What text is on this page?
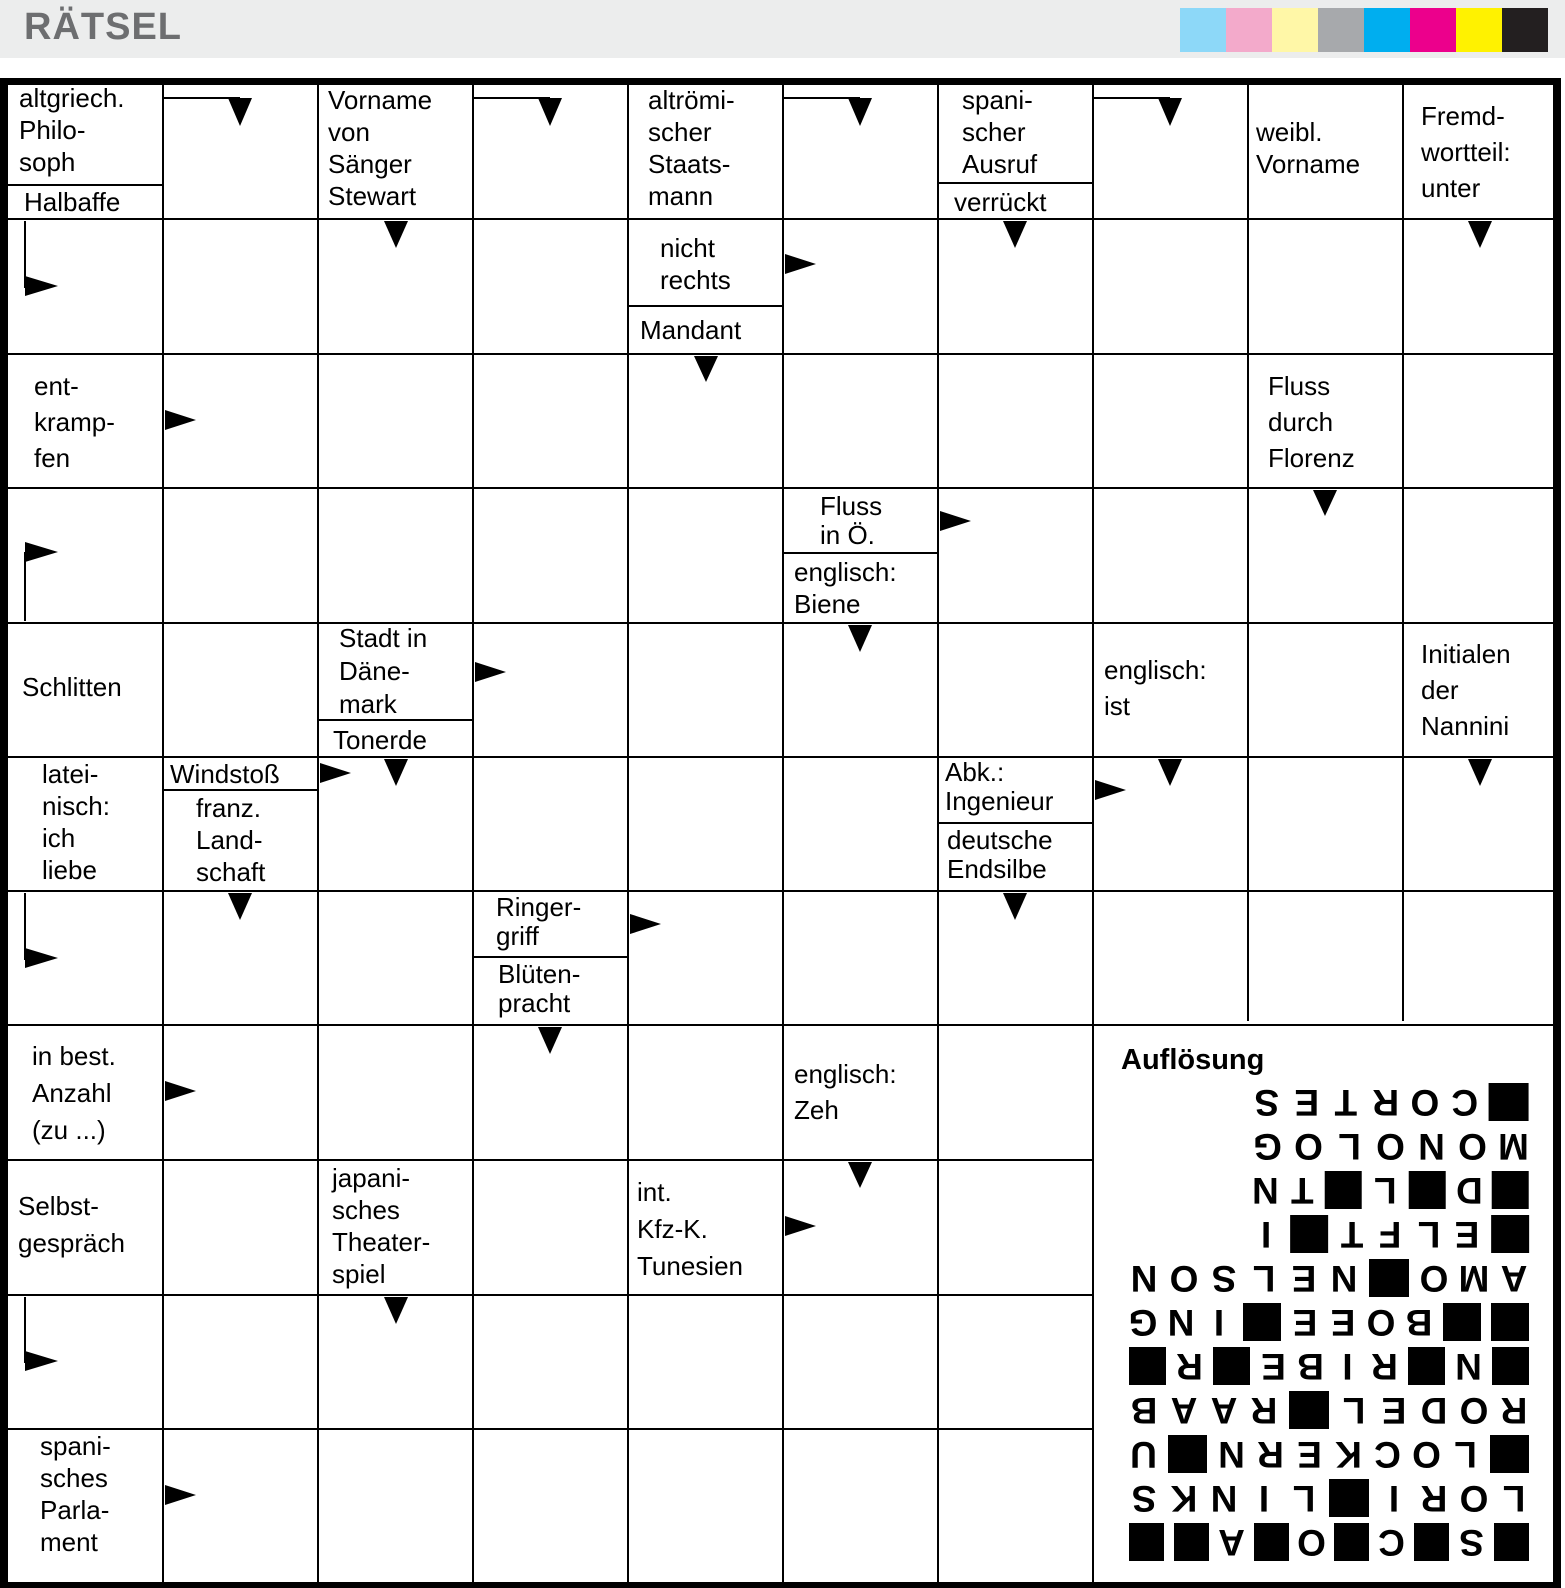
RÄTSEL
altgriech.
Philo-
soph
Halbaffe
Vorname
von
Sänger
Stewart
altrömi-
scher
Staats-
mann
spani-
scher
Ausruf
verrückt
weibl.
Vorname
Fremd-
wortteil:
unter
nicht
rechts
Mandant
ent-
kramp-
fen
Fluss
durch
Florenz
Fluss
in Ö.
englisch:
Biene
Schlitten
Stadt in
Däne-
mark
Tonerde
englisch:
ist
Initialen
der
Nannini
latei-
nisch:
ich
liebe
Windstoß
franz.
Land-
schaft
Abk.:
Ingenieur
deutsche
Endsilbe
Ringer-
griff
Blüten-
pracht
in best.
Anzahl
(zu ...)
englisch:
Zeh
Selbst-
gespräch
japani-
sches
Theater-
spiel
int.
Kfz-K.
Tunesien
spani-
sches
Parla-
ment
Auflösung
S E T R O C
G O L O N O M
N T L D
I	T F L E
N O S L E N O M A
G N I	E E O B
R E B I R N
B A A R L E D O R
U N R E K C O L
S K N I L	I R O L
A O C S
